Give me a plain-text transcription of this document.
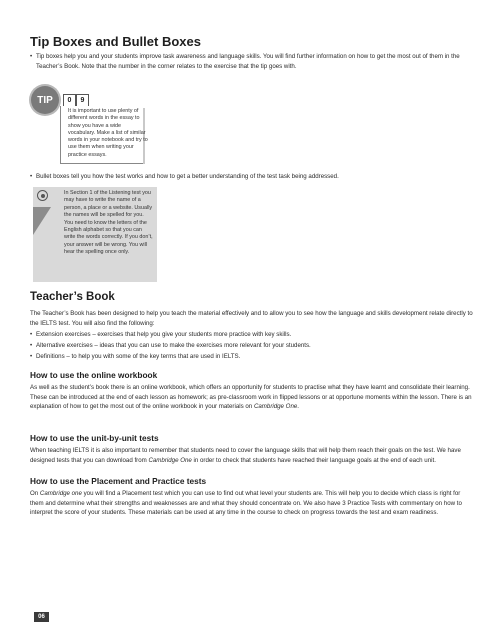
Tip Boxes and Bullet Boxes

• Tip boxes help you and your students improve task awareness and language skills. You will find further information on how to get the most out of them in the Teacher’s Book. Note that the number in the corner relates to the exercise that the tip goes with.

TIP	0	9

It is important to use plenty of different words in the essay to show you have a wide vocabulary. Make a list of similar words in your notebook and try to use them when writing your practice essays.

• Bullet boxes tell you how the test works and how to get a better understanding of the test task being addressed.

In Section 1 of the Listening test you may have to write the name of a person, a place or a website. Usually the names will be spelled for you. You need to know the letters of the English alphabet so that you can write the words correctly. If you don’t, your answer will be wrong. You will hear the spelling once only.

Teacher’s Book

The Teacher’s Book has been designed to help you teach the material effectively and to allow you to see how the language and skills development relate directly to the IELTS test. You will also find the following:

• Extension exercises – exercises that help you give your students more practice with key skills.

• Alternative exercises – ideas that you can use to make the exercises more relevant for your students.

• Definitions – to help you with some of the key terms that are used in IELTS.

How to use the online workbook

As well as the student’s book there is an online workbook, which offers an opportunity for students to practise what they have learnt and consolidate their learning. These can be introduced at the end of each lesson as homework; as pre-classroom work in flipped lessons or at opportune moments within the lesson. There is an explanation of how to get the most out of the online workbook in your materials on Cambridge One.

How to use the unit-by-unit tests

When teaching IELTS it is also important to remember that students need to cover the language skills that will help them reach their goals on the test. We have designed tests that you can download from Cambridge One in order to check that students have reached their language goals at the end of each unit.

How to use the Placement and Practice tests

On Cambridge one you will find a Placement test which you can use to find out what level your students are. This will help you to decide which class is right for them and determine what their strengths and weaknesses are and what they should concentrate on. We also have 3 Practice Tests with commentary on how to interpret the score of your students. These materials can be used at any time in the course to check on progress towards the test and exam readiness.

06
